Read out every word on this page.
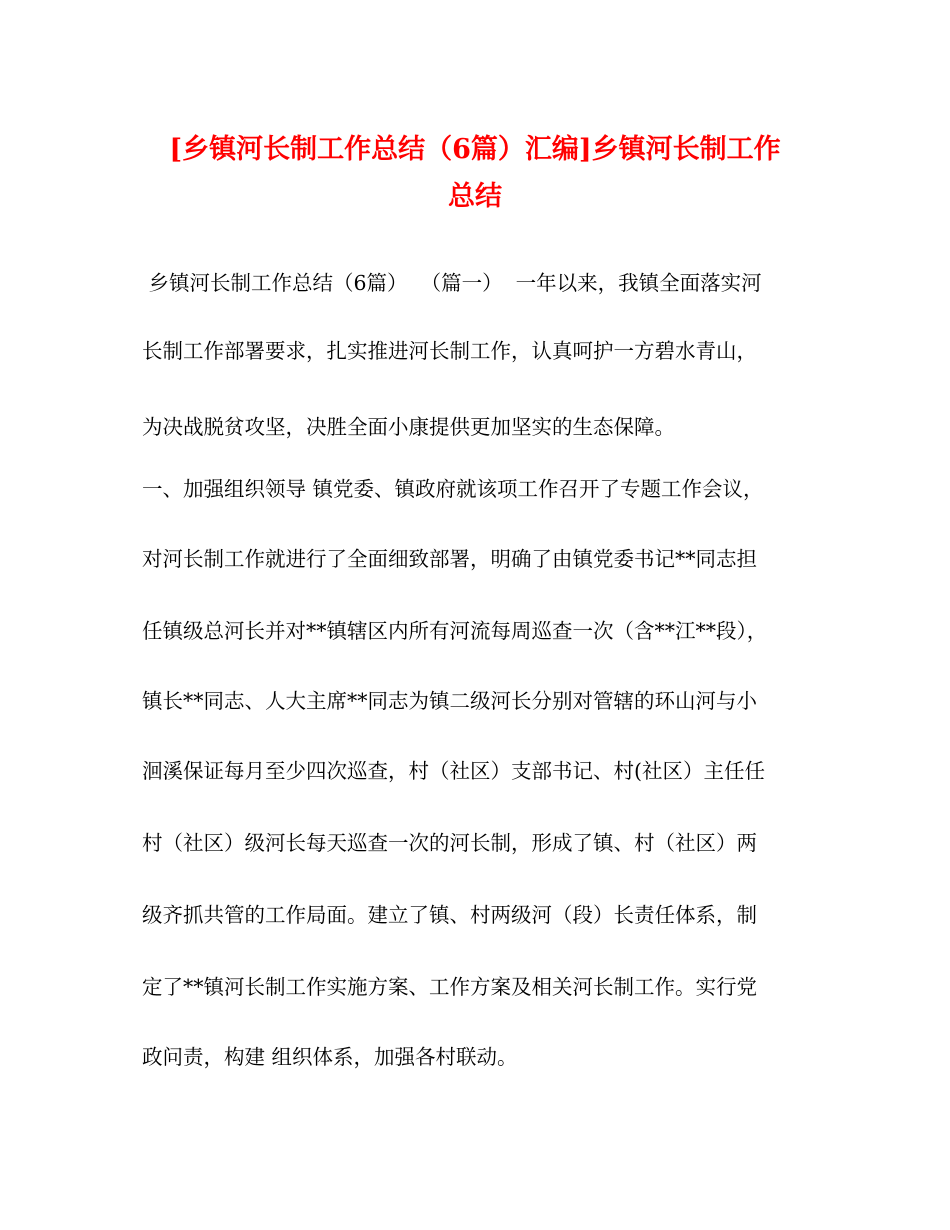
[乡镇河长制工作总结（6篇）汇编]乡镇河长制工作
总结
乡镇河长制工作总结（6篇）  （篇一）  一年以来，我镇全面落实河
长制工作部署要求，扎实推进河长制工作，认真呵护一方碧水青山，
为决战脱贫攻坚，决胜全面小康提供更加坚实的生态保障。
一、加强组织领导 镇党委、镇政府就该项工作召开了专题工作会议，
对河长制工作就进行了全面细致部署，明确了由镇党委书记**同志担
任镇级总河长并对**镇辖区内所有河流每周巡查一次（含**江**段），
镇长**同志、人大主席**同志为镇二级河长分别对管辖的环山河与小
洄溪保证每月至少四次巡查，村（社区）支部书记、村(社区）主任任
村（社区）级河长每天巡查一次的河长制，形成了镇、村（社区）两
级齐抓共管的工作局面。建立了镇、村两级河（段）长责任体系，制
定了**镇河长制工作实施方案、工作方案及相关河长制工作。实行党
政问责，构建 组织体系，加强各村联动。
